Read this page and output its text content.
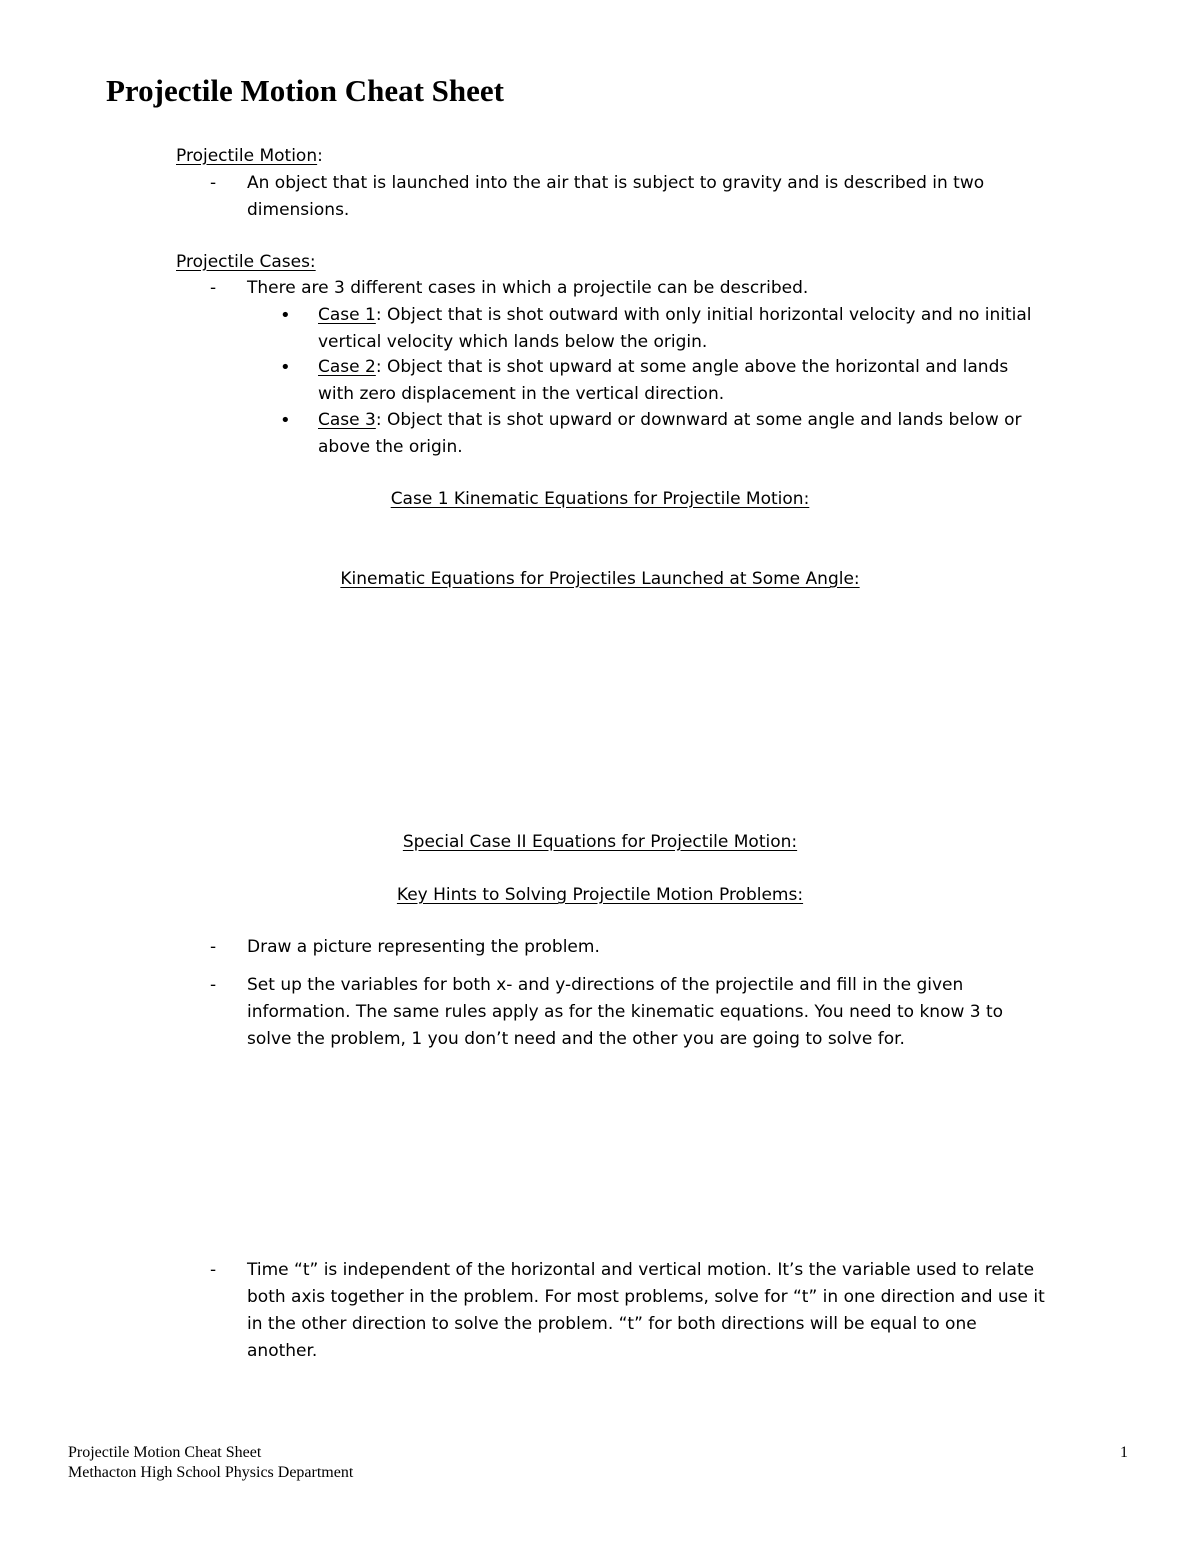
Projectile Motion Cheat Sheet
Projectile Motion:
- An object that is launched into the air that is subject to gravity and is described in two dimensions.
Projectile Cases:
- There are 3 different cases in which a projectile can be described.
• Case 1: Object that is shot outward with only initial horizontal velocity and no initial vertical velocity which lands below the origin.
• Case 2: Object that is shot upward at some angle above the horizontal and lands with zero displacement in the vertical direction.
• Case 3: Object that is shot upward or downward at some angle and lands below or above the origin.
Case 1 Kinematic Equations for Projectile Motion:
Kinematic Equations for Projectiles Launched at Some Angle:
Special Case II Equations for Projectile Motion:
Key Hints to Solving Projectile Motion Problems:
- Draw a picture representing the problem.
- Set up the variables for both x- and y-directions of the projectile and fill in the given information. The same rules apply as for the kinematic equations. You need to know 3 to solve the problem, 1 you don’t need and the other you are going to solve for.
- Time “t” is independent of the horizontal and vertical motion. It’s the variable used to relate both axis together in the problem. For most problems, solve for “t” in one direction and use it in the other direction to solve the problem. “t” for both directions will be equal to one another.
Projectile Motion Cheat Sheet
Methacton High School Physics Department
1
